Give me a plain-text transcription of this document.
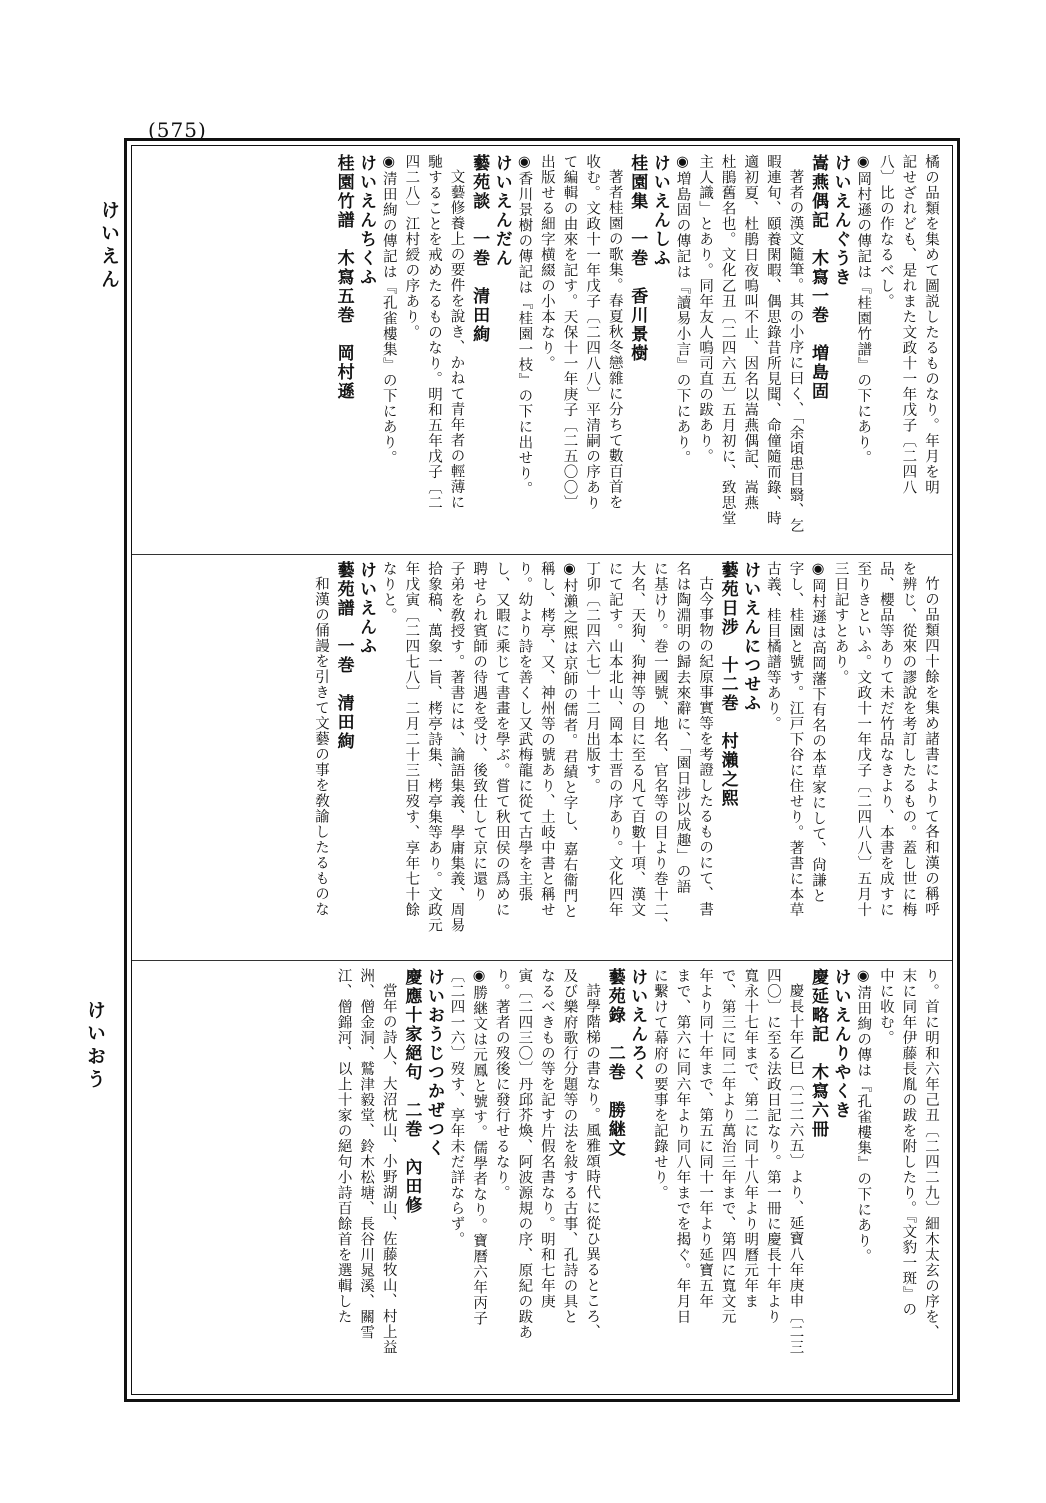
(575)
けいえん
けいおう
橘の品類を集めて圖説したるものなり。年月を明
記せざれども、是れまた文政十一年戊子〔二四八
八〕比の作なるべし。
◉岡村遜の傳記は『桂園竹譜』の下にあり。
けいえんぐうき
嵩燕偶記　木寫一巻　増島固
著者の漢文隨筆。其の小序に曰く、「余頃患目翳、乞
暇連旬、頤養閑暇、偶思錄昔所見聞、命僮隨而錄、時
適初夏、杜鵑日夜鳴叫不止、因名以嵩燕偶記、嵩燕
杜鵑舊名也。文化乙丑〔二四六五〕五月初に、致思堂
主人識」とあり。同年友人鳴司直の跋あり。
◉増島固の傳記は『讀易小言』の下にあり。
けいえんしふ
桂園集　一巻　香川景樹
著者桂園の歌集。春夏秋冬戀雜に分ちて數百首を
收む。文政十一年戊子〔二四八八〕平清嗣の序あり
て編輯の由來を記す。天保十一年庚子〔二五〇〇〕
出版せる細字横綴の小本なり。
◉香川景樹の傳記は『桂園一枝』の下に出せり。
けいえんだん
藝苑談　一巻　清田絢
文藝修養上の要件を說き、かねて青年者の輕薄に
馳することを戒めたるものなり。明和五年戊子〔二
四二八〕江村綬の序あり。
◉清田絢の傳記は『孔雀樓集』の下にあり。
けいえんちくふ
桂園竹譜　木寫五巻　岡村遜
竹の品類四十餘を集め諸書によりて各和漢の稱呼
を辨じ、從來の謬說を考訂したるもの。蓋し世に梅
品、櫻品等ありて未だ竹品なきより、本書を成すに
至りきといふ。文政十一年戊子〔二四八八〕五月十
三日記すとあり。
◉岡村遜は高岡藩下有名の本草家にして、尙謙と
字し、桂園と號す。江戸下谷に住せり。著書に本草
古義、桂目橘譜等あり。
けいえんにつせふ
藝苑日涉　十二巻　村瀨之熙
古今事物の紀原事實等を考證したるものにて、書
名は陶淵明の歸去來辭に、「園日涉以成趣」の語
に基けり。巻一國號、地名、官名等の目より巻十二、
大名、天狗、狗神等の目に至る凡て百數十項、漢文
にて記す。山本北山、岡本士晋の序あり。文化四年
丁卯〔二四六七〕十二月出版す。
◉村瀨之熙は京師の儒者。君績と字し、嘉右衞門と
稱し、栲亭、又、神州等の號あり、土岐中書と稱せ
り。幼より詩を善くし又武梅龍に從て古學を主張
し、又暇に乘じて書畫を學ぶ。嘗て秋田侯の爲めに
聘せられ賓師の待遇を受け、後致仕して京に還り
子弟を敎授す。著書には、論語集義、學庸集義、周易
拾象稿、萬象一旨、栲亭詩集、栲亭集等あり。文政元
年戊寅〔二四七八〕二月二十三日歿す、享年七十餘
なりと。
けいえんふ
藝苑譜　一巻　清田絢
和漢の俑謾を引きて文藝の事を敎諭したるものな
り。首に明和六年己丑〔二四二九〕細木太玄の序を、
末に同年伊藤長胤の跋を附したり。『文豹一斑』の
中に收む。
◉清田絢の傳は『孔雀樓集』の下にあり。
けいえんりやくき
慶延略記　木寫六冊
慶長十年乙巳〔二二六五〕より、延寶八年庚申〔二三
四〇〕に至る法政日記なり。第一冊に慶長十年より
寬永十七年まで、第二に同十八年より明曆元年ま
で、第三に同二年より萬治三年まで、第四に寬文元
年より同十年まで、第五に同十一年より延寶五年
まで、第六に同六年より同八年までを揭ぐ。年月日
に繫けて幕府の要事を記錄せり。
けいえんろく
藝苑錄　二巻　勝継文
詩學階梯の書なり。風雅頌時代に從ひ異るところ、
及び樂府歌行分題等の法を敍する古事、孔詩の具と
なるべきもの等を記す片假名書なり。明和七年庚
寅〔二四三〇〕丹邱芥煥、阿波源規の序、原紀の跋あ
り。著者の歿後に發行せるなり。
◉勝継文は元鳳と號す。儒學者なり。寶曆六年丙子
〔二四一六〕歿す、享年未だ詳ならず。
けいおうじつかぜつく
慶應十家絕句　二巻　內田修
當年の詩人、大沼枕山、小野湖山、佐藤牧山、村上益
洲、僧金洞、鷲津毅堂、鈴木松塘、長谷川晁溪、關雪
江、僧錦河、以上十家の絕句小詩百餘首を選輯した
